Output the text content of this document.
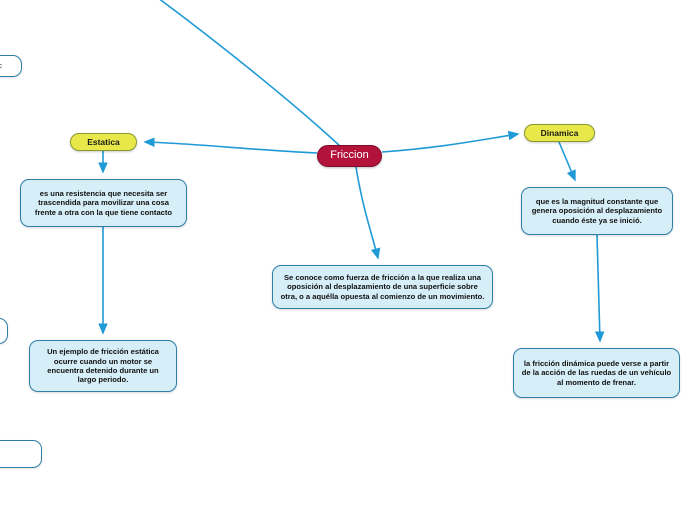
Friccion
Estatica
Dinamica
es una resistencia que necesita ser trascendida para movilizar una cosa frente a otra con la que tiene contacto
Un ejemplo de fricción estática ocurre cuando un motor se encuentra detenido durante un largo periodo.
Se conoce como fuerza de fricción a la que realiza una oposición al desplazamiento de una superficie sobre otra, o a aquélla opuesta al comienzo de un movimiento.
que es la magnitud constante que genera oposición al desplazamiento cuando éste ya se inició.
la fricción dinámica puede verse a partir de la acción de las ruedas de un vehículo al momento de frenar.
